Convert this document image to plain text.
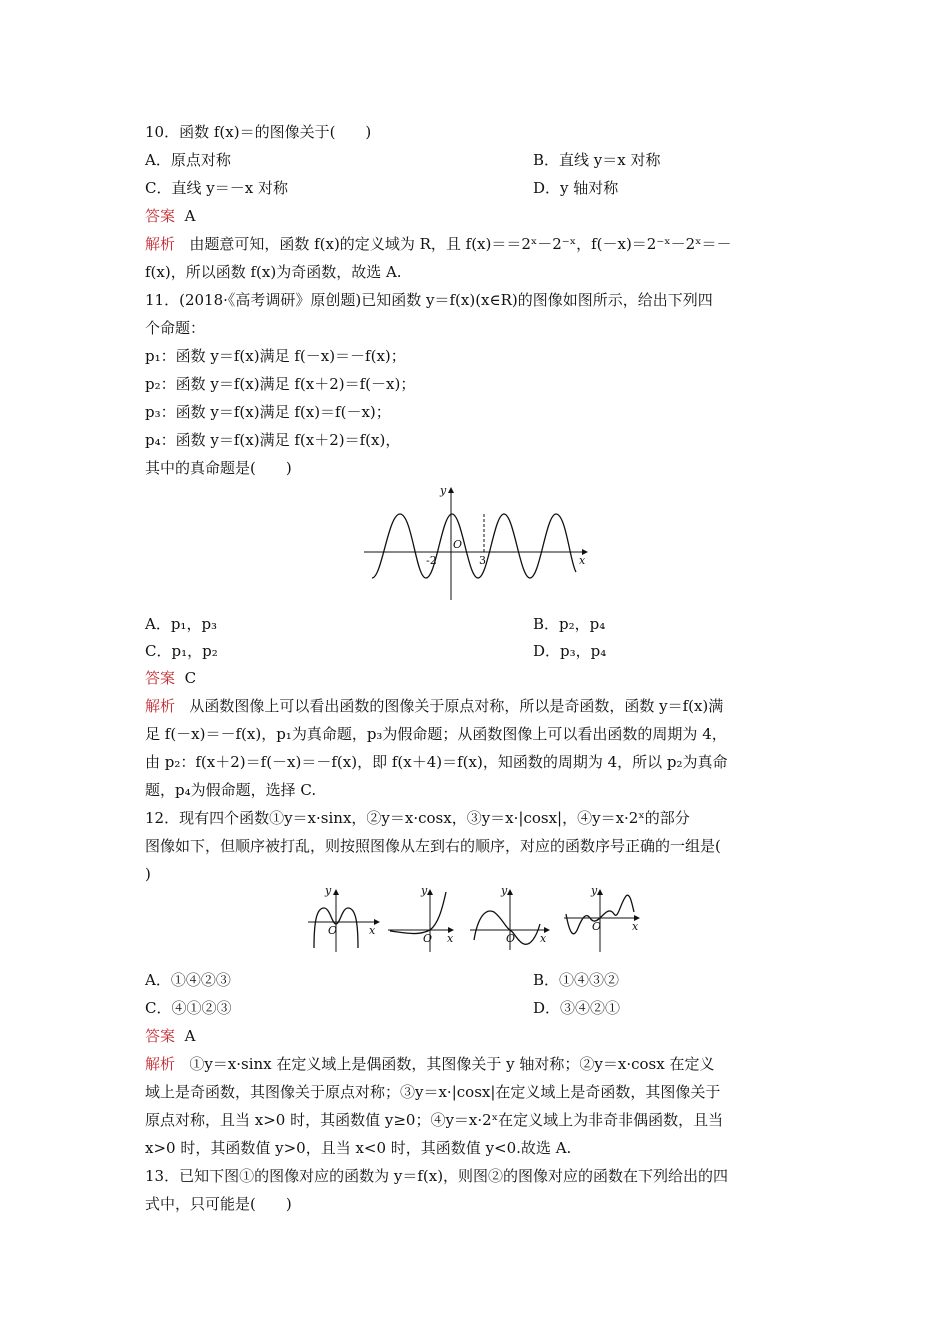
10．函数 f(x)＝的图像关于(　　)
A．原点对称	B．直线 y＝x 对称
C．直线 y＝－x 对称	D．y 轴对称
答案 A
解析 由题意可知，函数 f(x)的定义域为 R，且 f(x)＝＝2ˣ－2⁻ˣ，f(－x)＝2⁻ˣ－2ˣ＝－
f(x)，所以函数 f(x)为奇函数，故选 A.
11．(2018·《高考调研》原创题)已知函数 y＝f(x)(x∈R)的图像如图所示，给出下列四
个命题：
p₁：函数 y＝f(x)满足 f(－x)＝－f(x)；
p₂：函数 y＝f(x)满足 f(x＋2)＝f(－x)；
p₃：函数 y＝f(x)满足 f(x)＝f(－x)；
p₄：函数 y＝f(x)满足 f(x＋2)＝f(x)，
其中的真命题是(　　)
y
x
O
-2	3
A．p₁，p₃	B．p₂，p₄
C．p₁，p₂	D．p₃，p₄
答案 C
解析 从函数图像上可以看出函数的图像关于原点对称，所以是奇函数，函数 y＝f(x)满
足 f(－x)＝－f(x)，p₁为真命题，p₃为假命题；从函数图像上可以看出函数的周期为 4，
由 p₂：f(x＋2)＝f(－x)＝－f(x)，即 f(x＋4)＝f(x)，知函数的周期为 4，所以 p₂为真命
题，p₄为假命题，选择 C.
12．现有四个函数①y＝x·sinx，②y＝x·cosx，③y＝x·|cosx|，④y＝x·2ˣ的部分
图像如下，但顺序被打乱，则按照图像从左到右的顺序，对应的函数序号正确的一组是(
)
y
x
O
y
x
O
y
x
O
y
x
O
A．①④②③	B．①④③②
C．④①②③	D．③④②①
答案 A
解析 ①y＝x·sinx 在定义域上是偶函数，其图像关于 y 轴对称；②y＝x·cosx 在定义
域上是奇函数，其图像关于原点对称；③y＝x·|cosx|在定义域上是奇函数，其图像关于
原点对称，且当 x>0 时，其函数值 y≥0；④y＝x·2ˣ在定义域上为非奇非偶函数，且当
x>0 时，其函数值 y>0，且当 x<0 时，其函数值 y<0.故选 A.
13．已知下图①的图像对应的函数为 y＝f(x)，则图②的图像对应的函数在下列给出的四
式中，只可能是(　　)
